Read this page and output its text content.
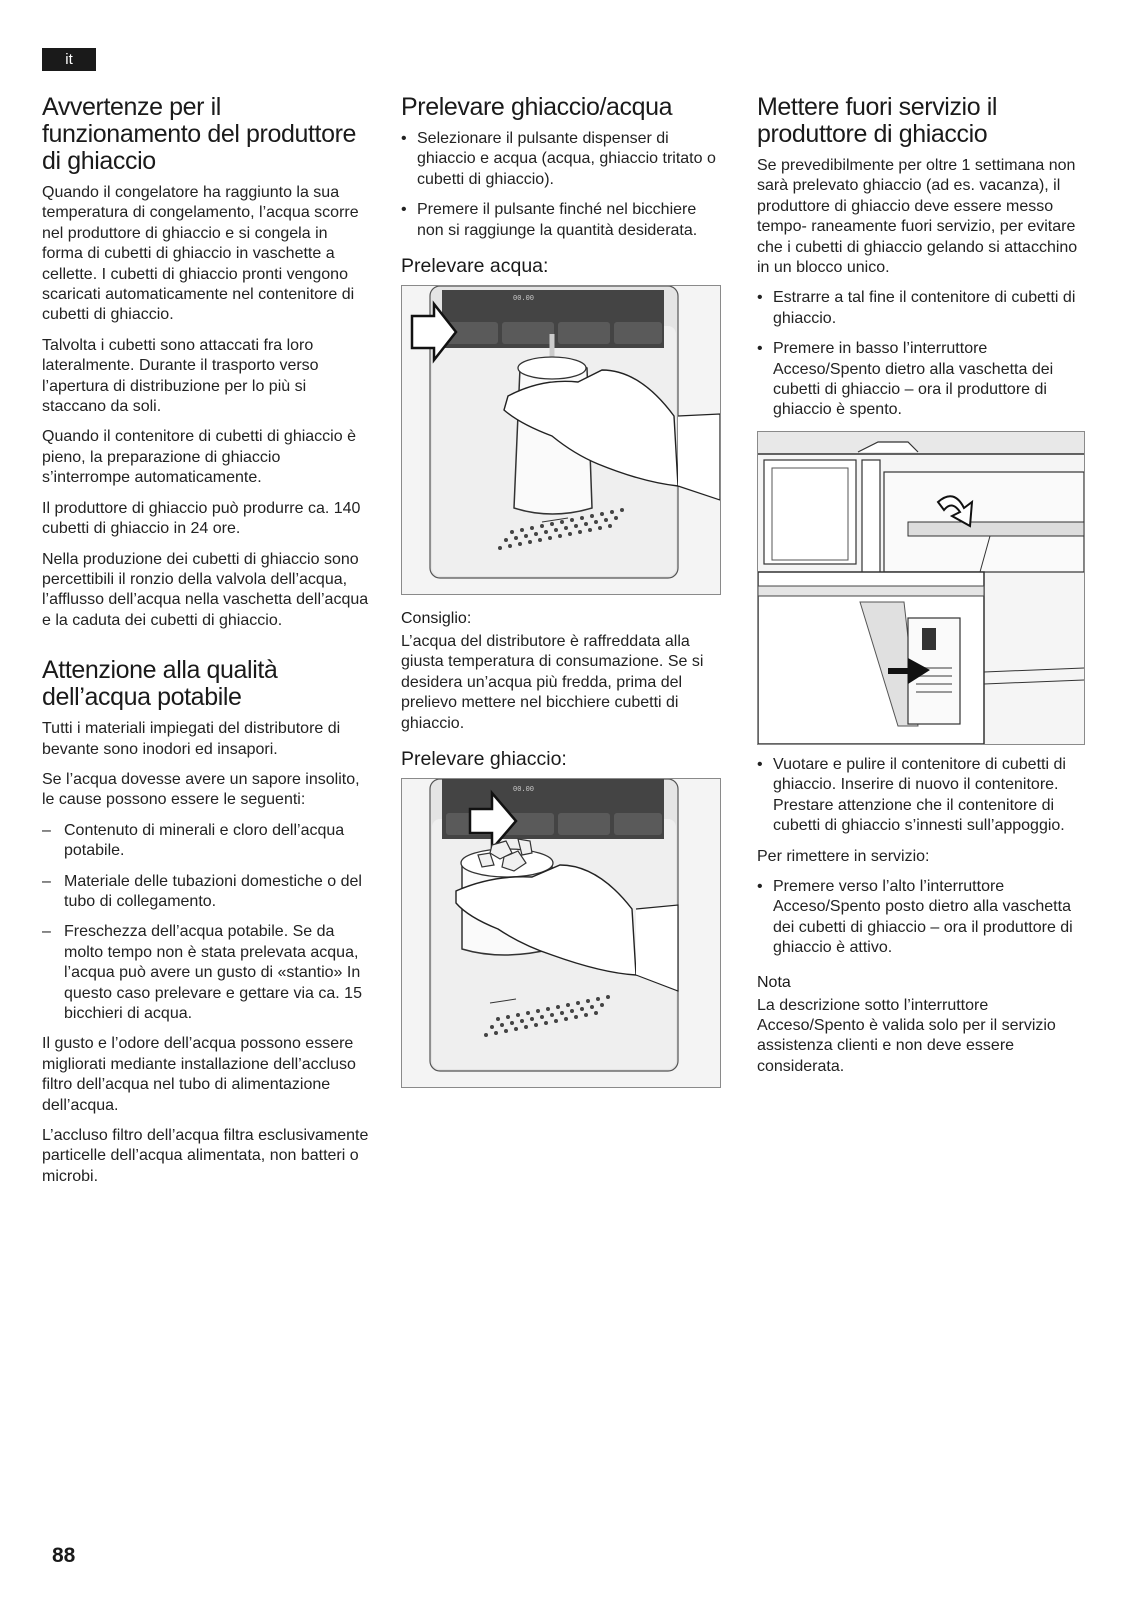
it
Avvertenze per il funzionamento del produttore di ghiaccio

Quando il congelatore ha raggiunto la sua temperatura di congelamento, l’acqua scorre nel produttore di ghiaccio e si congela in forma di cubetti di ghiaccio in vaschette a cellette. I cubetti di ghiaccio pronti vengono scaricati automaticamente nel contenitore di cubetti di ghiaccio.

Talvolta i cubetti sono attaccati fra loro lateralmente. Durante il trasporto verso l’apertura di distribuzione per lo più si staccano da soli.

Quando il contenitore di cubetti di ghiaccio è pieno, la preparazione di ghiaccio s’interrompe automaticamente.

Il produttore di ghiaccio può produrre ca. 140 cubetti di ghiaccio in 24 ore.

Nella produzione dei cubetti di ghiaccio sono percettibili il ronzio della valvola dell’acqua, l’afflusso dell’acqua nella vaschetta dell’acqua e la caduta dei cubetti di ghiaccio.

Attenzione alla qualità dell’acqua potabile

Tutti i materiali impiegati del distributore di bevante sono inodori ed insapori.

Se l’acqua dovesse avere un sapore insolito, le cause possono essere le seguenti:

– Contenuto di minerali e cloro dell’acqua potabile.
– Materiale delle tubazioni domestiche o del tubo di collegamento.
– Freschezza dell’acqua potabile. Se da molto tempo non è stata prelevata acqua, l’acqua può avere un gusto di «stantio» In questo caso prelevare e gettare via ca. 15 bicchieri di acqua.

Il gusto e l’odore dell’acqua possono essere migliorati mediante installazione dell’accluso filtro dell’acqua nel tubo di alimentazione dell’acqua.

L’accluso filtro dell’acqua filtra esclusivamente particelle dell’acqua alimentata, non batteri o microbi.

Prelevare ghiaccio/acqua
• Selezionare il pulsante dispenser di ghiaccio e acqua (acqua, ghiaccio tritato o cubetti di ghiaccio).
• Premere il pulsante finché nel bicchiere non si raggiunge la quantità desiderata.
Prelevare acqua:
00.00
Consiglio:

L’acqua del distributore è raffreddata alla giusta temperatura di consumazione. Se si desidera un’acqua più fredda, prima del prelievo mettere nel bicchiere cubetti di ghiaccio.

Prelevare ghiaccio:
00.00
Mettere fuori servizio il produttore di ghiaccio

Se prevedibilmente per oltre 1 settimana non sarà prelevato ghiaccio (ad es. vacanza), il produttore di ghiaccio deve essere messo tempo- raneamente fuori servizio, per evitare che i cubetti di ghiaccio gelando si attacchino in un blocco unico.

• Estrarre a tal fine il contenitore di cubetti di ghiaccio.
• Premere in basso l’interruttore Acceso/Spento dietro alla vaschetta dei cubetti di ghiaccio – ora il produttore di ghiaccio è spento.
• Vuotare e pulire il contenitore di cubetti di ghiaccio. Inserire di nuovo il contenitore. Prestare attenzione che il contenitore di cubetti di ghiaccio s’innesti sull’appoggio.

Per rimettere in servizio:

• Premere verso l’alto l’interruttore Acceso/Spento posto dietro alla vaschetta dei cubetti di ghiaccio – ora il produttore di ghiaccio è attivo.
Nota

La descrizione sotto l’interruttore Acceso/Spento è valida solo per il servizio assistenza clienti e non deve essere considerata.

88
